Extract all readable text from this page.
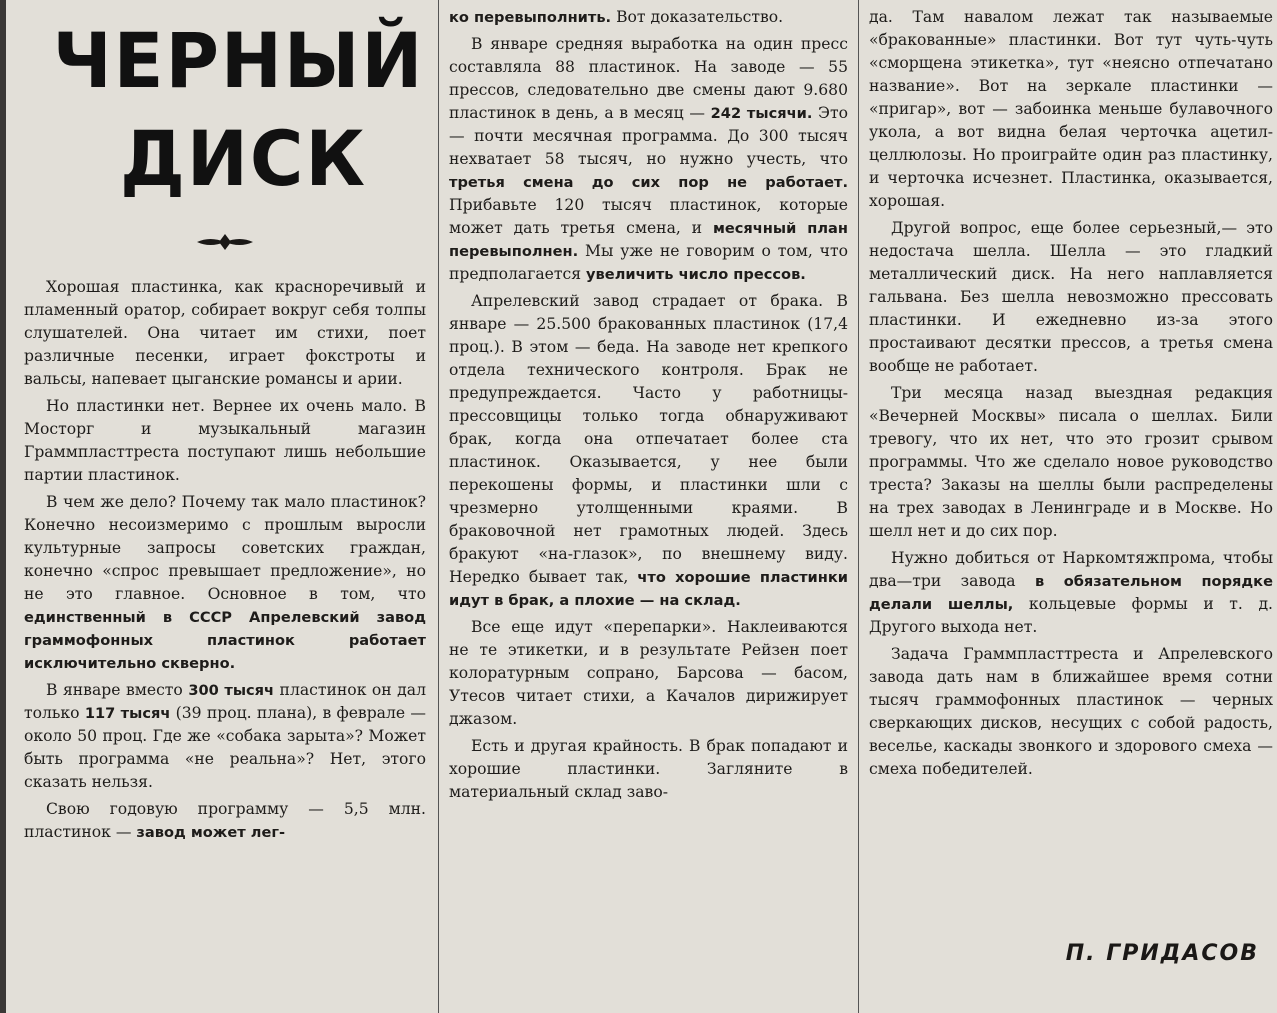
ЧЕРНЫЙ
ДИСК

Хорошая пластинка, как красноречивый и пламенный оратор, собирает вокруг себя толпы слушателей. Она читает им стихи, поет различные песенки, играет фокстроты и вальсы, напевает цыганские романсы и арии.

Но пластинки нет. Вернее их очень мало. В Мосторг и музыкальный магазин Граммпласттреста поступают лишь небольшие партии пластинок.

В чем же дело? Почему так мало пластинок? Конечно несоизмеримо с прошлым выросли культурные запросы советских граждан, конечно «спрос превышает предложение», но не это главное. Основное в том, что единственный в СССР Апрелевский завод граммофонных пластинок работает исключительно скверно.

В январе вместо 300 тысяч пластинок он дал только 117 тысяч (39 проц. плана), в феврале — около 50 проц. Где же «собака зарыта»? Может быть программа «не реальна»? Нет, этого сказать нельзя.

Свою годовую программу — 5,5 млн. пластинок — завод может лег-

ко перевыполнить. Вот доказательство.

В январе средняя выработка на один пресс составляла 88 пластинок. На заводе — 55 прессов, следовательно две смены дают 9.680 пластинок в день, а в месяц — 242 тысячи. Это — почти месячная программа. До 300 тысяч нехватает 58 тысяч, но нужно учесть, что третья смена до сих пор не работает. Прибавьте 120 тысяч пластинок, которые может дать третья смена, и месячный план перевыполнен. Мы уже не говорим о том, что предполагается увеличить число прессов.

Апрелевский завод страдает от брака. В январе — 25.500 бракованных пластинок (17,4 проц.). В этом — беда. На заводе нет крепкого отдела технического контроля. Брак не предупреждается. Часто у работницы-прессовщицы только тогда обнаруживают брак, когда она отпечатает более ста пластинок. Оказывается, у нее были перекошены формы, и пластинки шли с чрезмерно утолщенными краями. В браковочной нет грамотных людей. Здесь бракуют «на-глазок», по внешнему виду. Нередко бывает так, что хорошие пластинки идут в брак, а плохие — на склад.

Все еще идут «перепарки». Наклеиваются не те этикетки, и в результате Рейзен поет колоратурным сопрано, Барсова — басом, Утесов читает стихи, а Качалов дирижирует джазом.

Есть и другая крайность. В брак попадают и хорошие пластинки. Загляните в материальный склад заво-

да. Там навалом лежат так называемые «бракованные» пластинки. Вот тут чуть-чуть «сморщена этикетка», тут «неясно отпечатано название». Вот на зеркале пластинки — «пригар», вот — забоинка меньше булавочного укола, а вот видна белая черточка ацетил-целлюлозы. Но проиграйте один раз пластинку, и черточка исчезнет. Пластинка, оказывается, хорошая.

Другой вопрос, еще более серьезный,— это недостача шелла. Шелла — это гладкий металлический диск. На него наплавляется гальвана. Без шелла невозможно прессовать пластинки. И ежедневно из-за этого простаивают десятки прессов, а третья смена вообще не работает.

Три месяца назад выездная редакция «Вечерней Москвы» писала о шеллах. Били тревогу, что их нет, что это грозит срывом программы. Что же сделало новое руководство треста? Заказы на шеллы были распределены на трех заводах в Ленинграде и в Москве. Но шелл нет и до сих пор.

Нужно добиться от Наркомтяжпрома, чтобы два—три завода в обязательном порядке делали шеллы, кольцевые формы и т. д. Другого выхода нет.

Задача Граммпласттреста и Апрелевского завода дать нам в ближайшее время сотни тысяч граммофонных пластинок — черных сверкающих дисков, несущих с собой радость, веселье, каскады звонкого и здорового смеха — смеха победителей.

П. ГРИДАСОВ
